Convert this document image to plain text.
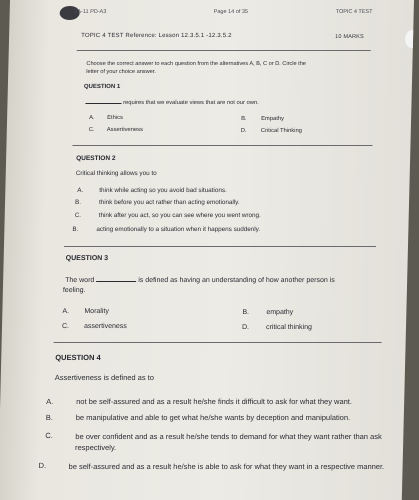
SA-11 PD-A3	Page 14 of 35	TOPIC 4 TEST
TOPIC 4 TEST Reference: Lesson 12.3.5.1 -12.3.5.2	10 MARKS
Choose the correct answer to each question from the alternatives A, B, C or D. Circle the
letter of your choice answer.
QUESTION 1
requires that we evaluate views that are not our own.
A. Ethics	B. Empathy
C. Assertiveness	D. Critical Thinking
QUESTION 2
Critical thinking allows you to
A.	think while acting so you avoid bad situations.
B.	think before you act rather than acting emotionally.
C.	think after you act, so you can see where you went wrong.
B.	acting emotionally to a situation when it happens suddenly.
QUESTION 3
The word	is defined as having an understanding of how another person is
feeling.
A. Morality	B. empathy
C. assertiveness	D. critical thinking
QUESTION 4
Assertiveness is defined as to
A.	not be self-assured and as a result he/she finds it difficult to ask for what they want.
B.	be manipulative and able to get what he/she wants by deception and manipulation.
C.	be over confident and as a result he/she tends to demand for what they want rather than ask respectively.
D.	be self-assured and as a result he/she is able to ask for what they want in a respective manner.
